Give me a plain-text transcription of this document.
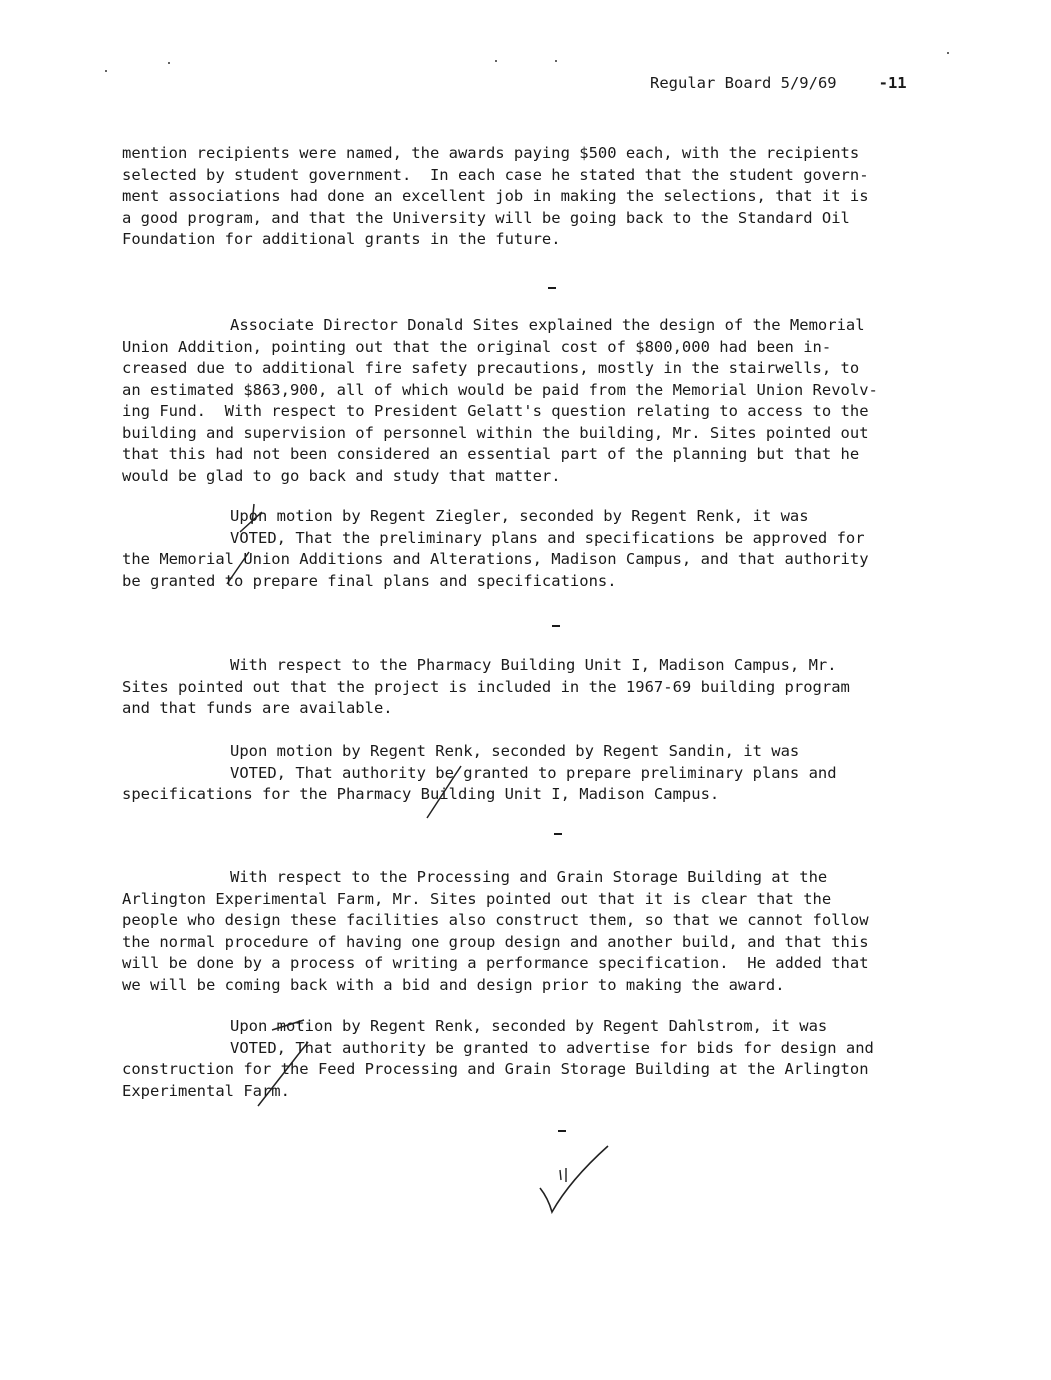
Regular Board 5/9/69	-11
mention recipients were named, the awards paying $500 each, with the recipients
selected by student government.  In each case he stated that the student govern-
ment associations had done an excellent job in making the selections, that it is
a good program, and that the University will be going back to the Standard Oil
Foundation for additional grants in the future.
Associate Director Donald Sites explained the design of the Memorial
Union Addition, pointing out that the original cost of $800,000 had been in-
creased due to additional fire safety precautions, mostly in the stairwells, to
an estimated $863,900, all of which would be paid from the Memorial Union Revolv-
ing Fund.  With respect to President Gelatt's question relating to access to the
building and supervision of personnel within the building, Mr. Sites pointed out
that this had not been considered an essential part of the planning but that he
would be glad to go back and study that matter.
Upon motion by Regent Ziegler, seconded by Regent Renk, it was
VOTED, That the preliminary plans and specifications be approved for
the Memorial Union Additions and Alterations, Madison Campus, and that authority
be granted to prepare final plans and specifications.
With respect to the Pharmacy Building Unit I, Madison Campus, Mr.
Sites pointed out that the project is included in the 1967-69 building program
and that funds are available.
Upon motion by Regent Renk, seconded by Regent Sandin, it was
VOTED, That authority be granted to prepare preliminary plans and
specifications for the Pharmacy Building Unit I, Madison Campus.
With respect to the Processing and Grain Storage Building at the
Arlington Experimental Farm, Mr. Sites pointed out that it is clear that the
people who design these facilities also construct them, so that we cannot follow
the normal procedure of having one group design and another build, and that this
will be done by a process of writing a performance specification.  He added that
we will be coming back with a bid and design prior to making the award.
Upon motion by Regent Renk, seconded by Regent Dahlstrom, it was
VOTED, That authority be granted to advertise for bids for design and
construction for the Feed Processing and Grain Storage Building at the Arlington
Experimental Farm.
